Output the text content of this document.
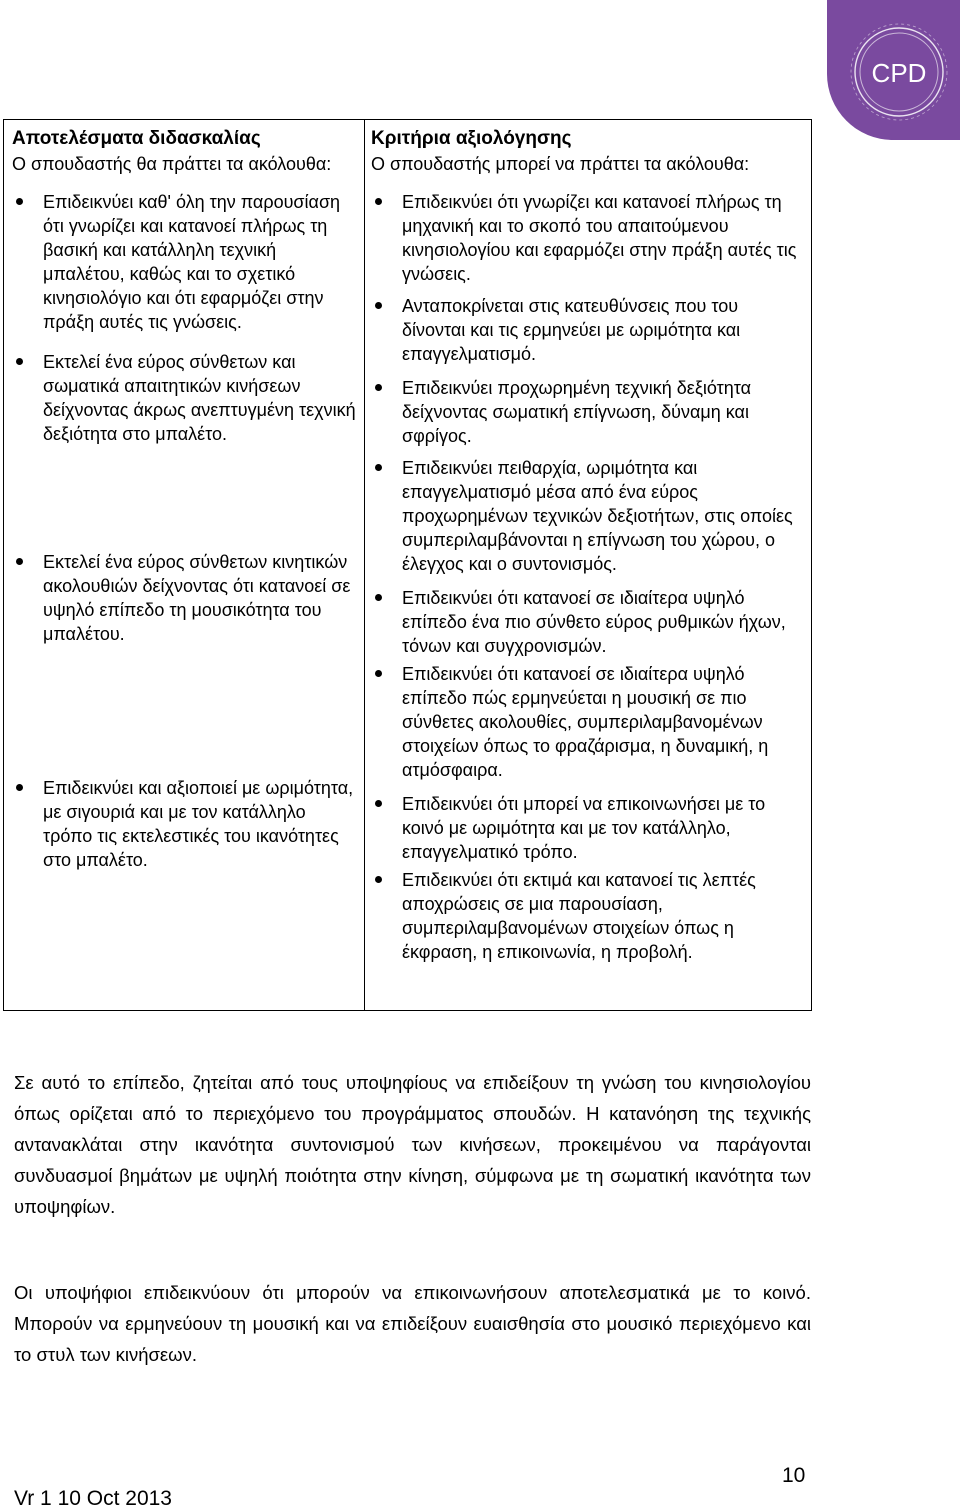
CPD
Αποτελέσματα διδασκαλίας
Ο σπουδαστής θα πράττει τα ακόλουθα:
Επιδεικνύει καθ' όλη την παρουσίαση ότι γνωρίζει και κατανοεί πλήρως τη βασική και κατάλληλη τεχνική μπαλέτου, καθώς και το σχετικό κινησιολόγιο και ότι εφαρμόζει στην πράξη αυτές τις γνώσεις.
Εκτελεί ένα εύρος σύνθετων και σωματικά απαιτητικών κινήσεων δείχνοντας άκρως ανεπτυγμένη τεχνική δεξιότητα στο μπαλέτο.
Εκτελεί ένα εύρος σύνθετων κινητικών ακολουθιών δείχνοντας ότι κατανοεί σε υψηλό επίπεδο τη μουσικότητα του μπαλέτου.
Επιδεικνύει και αξιοποιεί με ωριμότητα, με σιγουριά και με τον κατάλληλο τρόπο τις εκτελεστικές του ικανότητες στο μπαλέτο.
Κριτήρια αξιολόγησης
Ο σπουδαστής μπορεί να πράττει τα ακόλουθα:
Επιδεικνύει ότι γνωρίζει και κατανοεί πλήρως τη μηχανική και το σκοπό του απαιτούμενου κινησιολογίου και εφαρμόζει στην πράξη αυτές τις γνώσεις.
Ανταποκρίνεται στις κατευθύνσεις που του δίνονται και τις ερμηνεύει με ωριμότητα και επαγγελματισμό.
Επιδεικνύει προχωρημένη τεχνική δεξιότητα δείχνοντας σωματική επίγνωση, δύναμη και σφρίγος.
Επιδεικνύει πειθαρχία, ωριμότητα και επαγγελματισμό μέσα από ένα εύρος προχωρημένων τεχνικών δεξιοτήτων, στις οποίες συμπεριλαμβάνονται η επίγνωση του χώρου, ο έλεγχος και ο συντονισμός.
Επιδεικνύει ότι κατανοεί σε ιδιαίτερα υψηλό επίπεδο ένα πιο σύνθετο εύρος ρυθμικών ήχων, τόνων και συγχρονισμών.
Επιδεικνύει ότι κατανοεί σε ιδιαίτερα υψηλό επίπεδο πώς ερμηνεύεται η μουσική σε πιο σύνθετες ακολουθίες, συμπεριλαμβανομένων στοιχείων όπως το φραζάρισμα, η δυναμική, η ατμόσφαιρα.
Επιδεικνύει ότι μπορεί να επικοινωνήσει με το κοινό με ωριμότητα και με τον κατάλληλο, επαγγελματικό τρόπο.
Επιδεικνύει ότι εκτιμά και κατανοεί τις λεπτές αποχρώσεις σε μια παρουσίαση, συμπεριλαμβανομένων στοιχείων όπως η έκφραση, η επικοινωνία, η προβολή.
Σε αυτό το επίπεδο, ζητείται από τους υποψηφίους να επιδείξουν τη γνώση του κινησιολογίου όπως ορίζεται από το περιεχόμενο του προγράμματος σπουδών. Η κατανόηση της τεχνικής αντανακλάται στην ικανότητα συντονισμού των κινήσεων, προκειμένου να παράγονται συνδυασμοί βημάτων με υψηλή ποιότητα στην κίνηση, σύμφωνα με τη σωματική ικανότητα των υποψηφίων.
Οι υποψήφιοι επιδεικνύουν ότι μπορούν να επικοινωνήσουν αποτελεσματικά με το κοινό. Μπορούν να ερμηνεύουν τη μουσική και να επιδείξουν ευαισθησία στο μουσικό περιεχόμενο και το στυλ των κινήσεων.
10
Vr 1 10 Oct 2013
